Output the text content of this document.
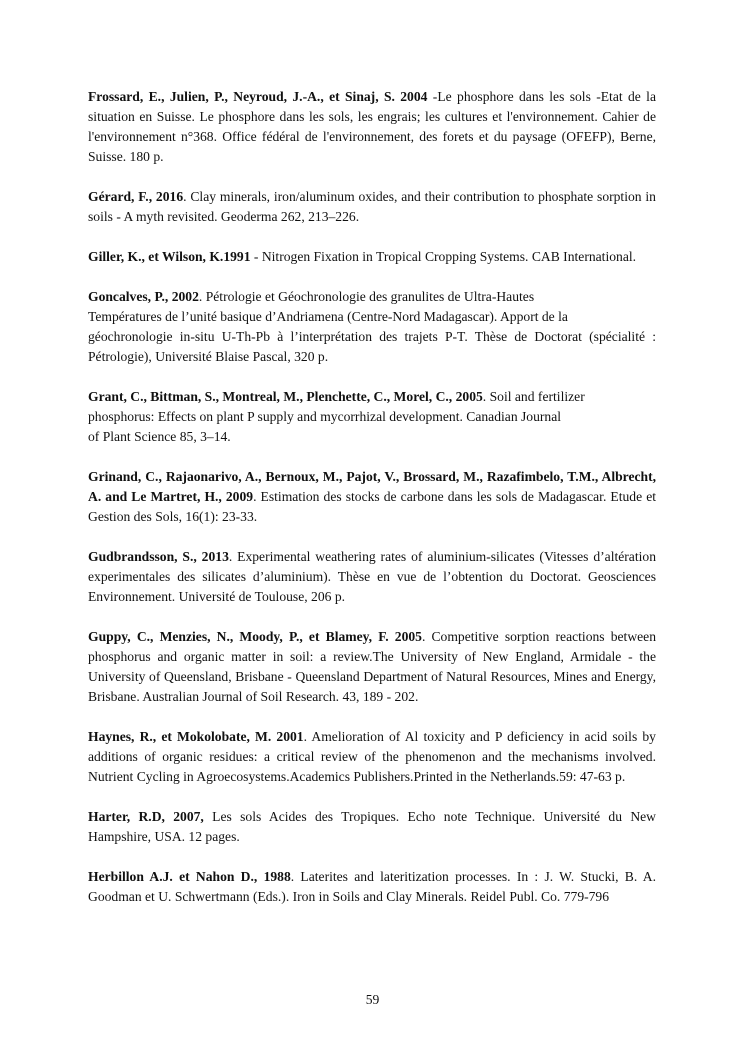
Frossard, E., Julien, P., Neyroud, J.-A., et Sinaj, S. 2004 -Le phosphore dans les sols -Etat de la situation en Suisse. Le phosphore dans les sols, les engrais; les cultures et l'environnement. Cahier de l'environnement n°368. Office fédéral de l'environnement, des forets et du paysage (OFEFP), Berne, Suisse. 180 p.

Gérard, F., 2016. Clay minerals, iron/aluminum oxides, and their contribution to phosphate sorption in soils - A myth revisited. Geoderma 262, 213–226.

Giller, K., et Wilson, K.1991 - Nitrogen Fixation in Tropical Cropping Systems. CAB International.

Goncalves, P., 2002. Pétrologie et Géochronologie des granulites de Ultra-Hautes
Températures de l’unité basique d’Andriamena (Centre-Nord Madagascar). Apport de la
géochronologie in-situ U-Th-Pb à l’interprétation des trajets P-T. Thèse de Doctorat (spécialité : Pétrologie), Université Blaise Pascal, 320 p.

Grant, C., Bittman, S., Montreal, M., Plenchette, C., Morel, C., 2005. Soil and fertilizer
phosphorus: Effects on plant P supply and mycorrhizal development. Canadian Journal
of Plant Science 85, 3–14.

Grinand, C., Rajaonarivo, A., Bernoux, M., Pajot, V., Brossard, M., Razafimbelo, T.M., Albrecht, A. and Le Martret, H., 2009. Estimation des stocks de carbone dans les sols de Madagascar. Etude et Gestion des Sols, 16(1): 23-33.

Gudbrandsson, S., 2013. Experimental weathering rates of aluminium-silicates (Vitesses d’altération experimentales des silicates d’aluminium). Thèse en vue de l’obtention du Doctorat. Geosciences Environnement. Université de Toulouse, 206 p.

Guppy, C., Menzies, N., Moody, P., et Blamey, F. 2005. Competitive sorption reactions between phosphorus and organic matter in soil: a review.The University of New England, Armidale - the University of Queensland, Brisbane - Queensland Department of Natural Resources, Mines and Energy, Brisbane. Australian Journal of Soil Research. 43, 189 - 202.

Haynes, R., et Mokolobate, M. 2001. Amelioration of Al toxicity and P deficiency in acid soils by additions of organic residues: a critical review of the phenomenon and the mechanisms involved. Nutrient Cycling in Agroecosystems.Academics Publishers.Printed in the Netherlands.59: 47-63 p.

Harter, R.D, 2007, Les sols Acides des Tropiques. Echo note Technique. Université du New Hampshire, USA. 12 pages.

Herbillon A.J. et Nahon D., 1988. Laterites and lateritization processes. In : J. W. Stucki, B. A. Goodman et U. Schwertmann (Eds.). Iron in Soils and Clay Minerals. Reidel Publ. Co. 779-796

59
